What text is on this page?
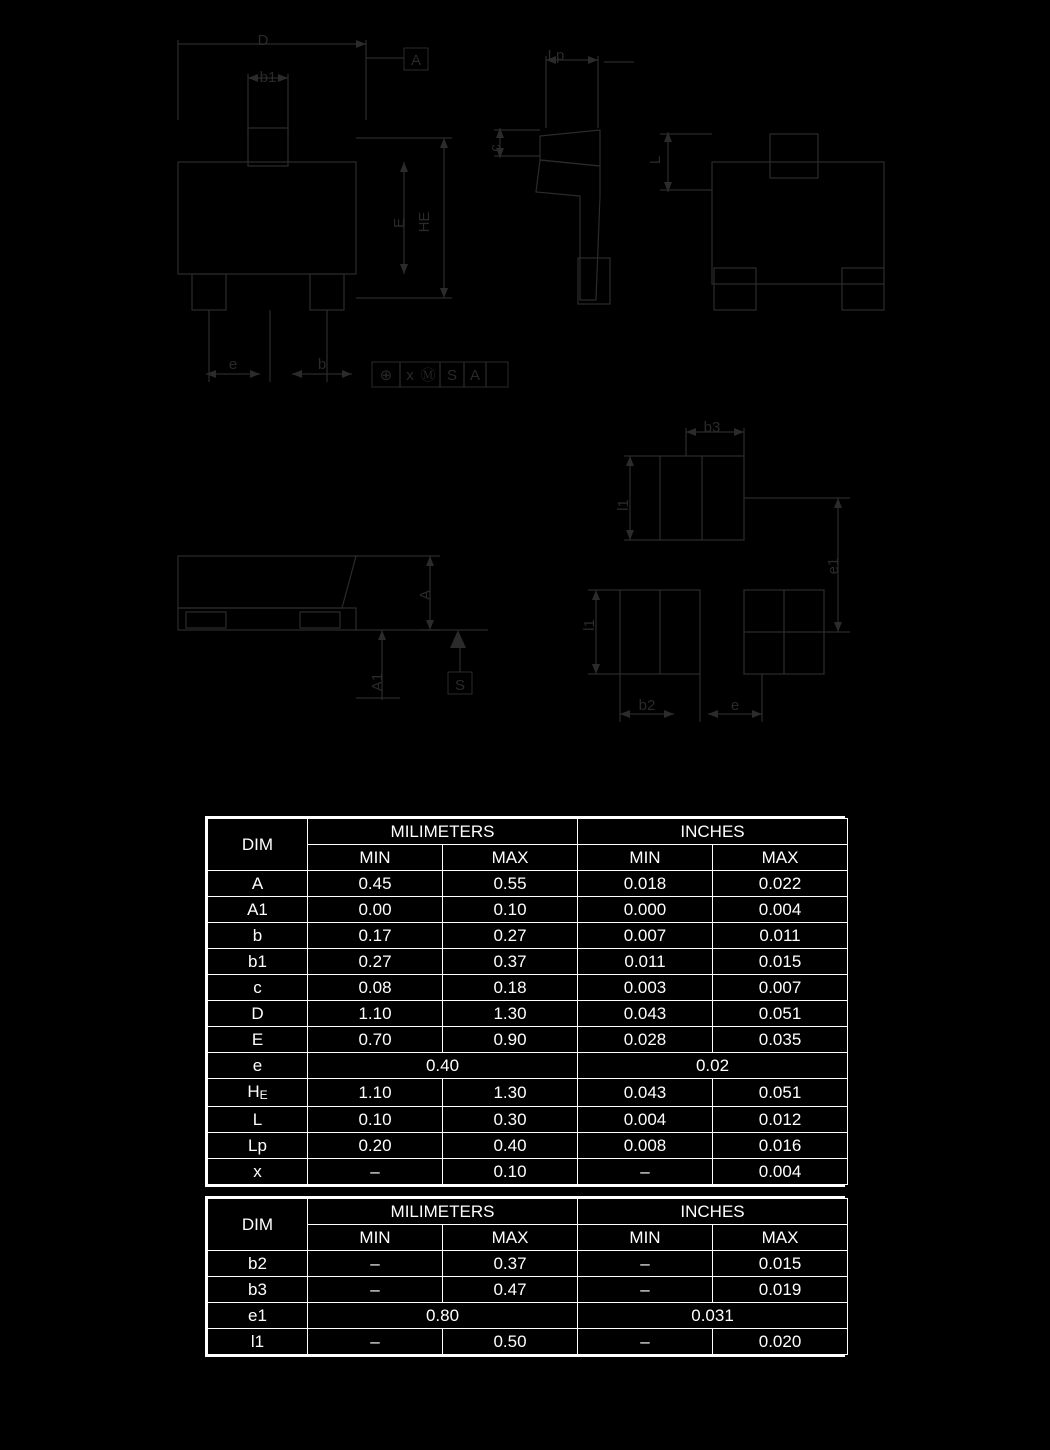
D
b1
A
E HE
e	b
⊕ x Ⓜ S A
Lp
c
L
A
A1	S
b3
l1
l1
e1
b2	e
DIM	MILIMETERS		INCHES	
	MIN	MAX	MIN	MAX
A	0.45	0.55	0.018	0.022
A1	0.00	0.10	0.000	0.004
b	0.17	0.27	0.007	0.011
b1	0.27	0.37	0.011	0.015
c	0.08	0.18	0.003	0.007
D	1.10	1.30	0.043	0.051
E	0.70	0.90	0.028	0.035
e	0.40		0.02	
HE	1.10	1.30	0.043	0.051
L	0.10	0.30	0.004	0.012
Lp	0.20	0.40	0.008	0.016
x	–	0.10	–	0.004
DIM	MILIMETERS		INCHES	
	MIN	MAX	MIN	MAX
b2	–	0.37	–	0.015
b3	–	0.47	–	0.019
e1	0.80		0.031	
l1	–	0.50	–	0.020
